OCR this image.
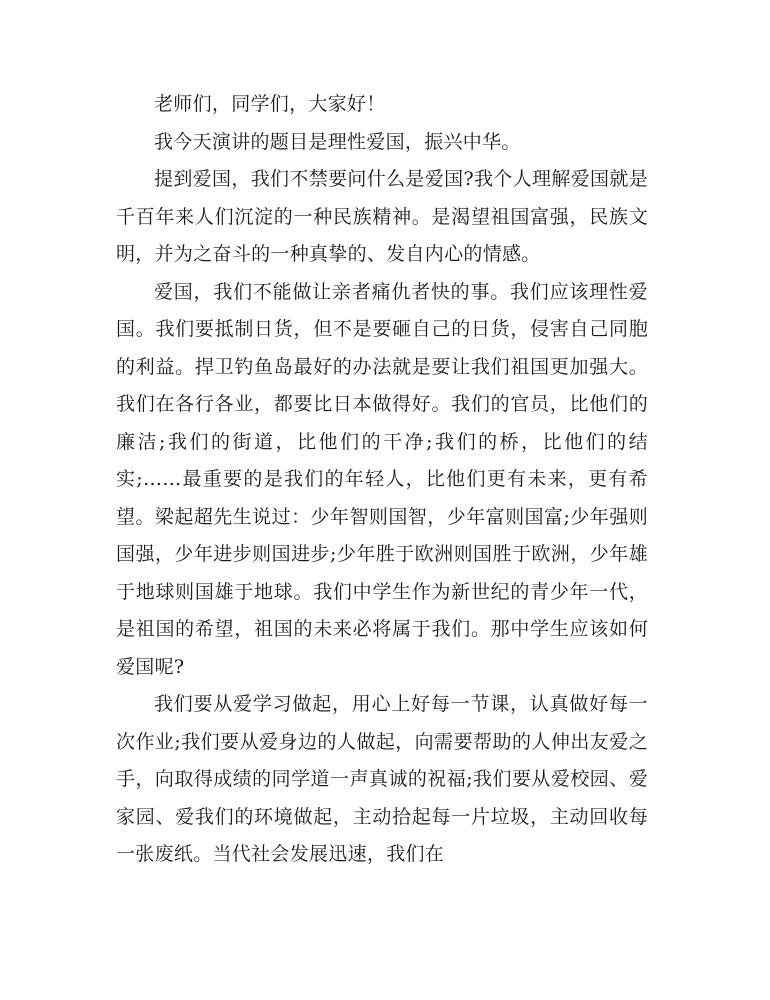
老师们，同学们，大家好！

我今天演讲的题目是理性爱国，振兴中华。

提到爱国，我们不禁要问什么是爱国?我个人理解爱国就是千百年来人们沉淀的一种民族精神。是渴望祖国富强，民族文明，并为之奋斗的一种真挚的、发自内心的情感。

爱国，我们不能做让亲者痛仇者快的事。我们应该理性爱国。我们要抵制日货，但不是要砸自己的日货，侵害自己同胞的利益。捍卫钓鱼岛最好的办法就是要让我们祖国更加强大。我们在各行各业，都要比日本做得好。我们的官员，比他们的廉洁;我们的街道，比他们的干净;我们的桥，比他们的结实;……最重要的是我们的年轻人，比他们更有未来，更有希望。梁起超先生说过：少年智则国智，少年富则国富;少年强则国强，少年进步则国进步;少年胜于欧洲则国胜于欧洲，少年雄于地球则国雄于地球。我们中学生作为新世纪的青少年一代，是祖国的希望，祖国的未来必将属于我们。那中学生应该如何爱国呢?

我们要从爱学习做起，用心上好每一节课，认真做好每一次作业;我们要从爱身边的人做起，向需要帮助的人伸出友爱之手，向取得成绩的同学道一声真诚的祝福;我们要从爱校园、爱家园、爱我们的环境做起，主动拾起每一片垃圾，主动回收每一张废纸。当代社会发展迅速，我们在
